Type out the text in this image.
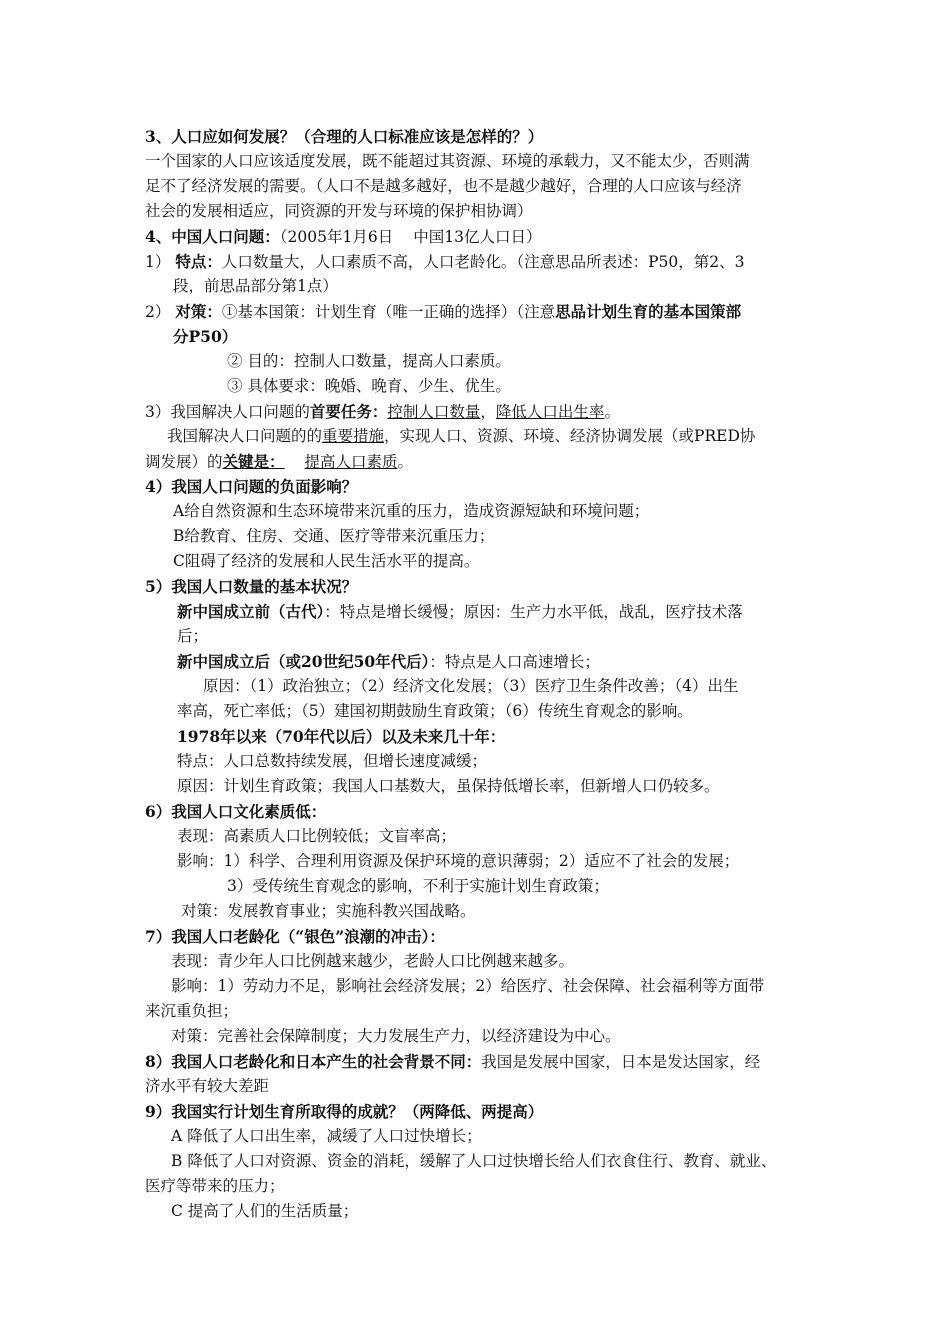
3、人口应如何发展？（合理的人口标准应该是怎样的？）
一个国家的人口应该适度发展，既不能超过其资源、环境的承载力，又不能太少，否则满
足不了经济发展的需要。（人口不是越多越好，也不是越少越好，合理的人口应该与经济
社会的发展相适应，同资源的开发与环境的保护相协调）
4、中国人口问题：（2005年1月6日 中国13亿人口日）
1） 特点：人口数量大，人口素质不高，人口老龄化。（注意思品所表述：P50，第2、3
段，前思品部分第1点）
2） 对策：①基本国策：计划生育（唯一正确的选择）（注意思品计划生育的基本国策部
分P50）
② 目的：控制人口数量，提高人口素质。
③ 具体要求：晚婚、晚育、少生、优生。
3）我国解决人口问题的首要任务：控制人口数量，降低人口出生率。
我国解决人口问题的的重要措施，实现人口、资源、环境、经济协调发展（或PRED协
调发展）的关键是： 提高人口素质。
4）我国人口问题的负面影响？
A给自然资源和生态环境带来沉重的压力，造成资源短缺和环境问题；
B给教育、住房、交通、医疗等带来沉重压力；
C阻碍了经济的发展和人民生活水平的提高。
5）我国人口数量的基本状况？
新中国成立前（古代）：特点是增长缓慢；原因：生产力水平低，战乱，医疗技术落
后；
新中国成立后（或20世纪50年代后）：特点是人口高速增长；
原因：（1）政治独立；（2）经济文化发展；（3）医疗卫生条件改善；（4）出生
率高，死亡率低；（5）建国初期鼓励生育政策；（6）传统生育观念的影响。
1978年以来（70年代以后）以及未来几十年：
特点：人口总数持续发展，但增长速度减缓；
原因：计划生育政策；我国人口基数大，虽保持低增长率，但新增人口仍较多。
6）我国人口文化素质低：
表现：高素质人口比例较低；文盲率高；
影响：1）科学、合理利用资源及保护环境的意识薄弱；2）适应不了社会的发展；
3）受传统生育观念的影响，不利于实施计划生育政策；
对策：发展教育事业；实施科教兴国战略。
7）我国人口老龄化（“银色”浪潮的冲击）：
表现：青少年人口比例越来越少，老龄人口比例越来越多。
影响：1）劳动力不足，影响社会经济发展；2）给医疗、社会保障、社会福利等方面带
来沉重负担；
对策：完善社会保障制度；大力发展生产力，以经济建设为中心。
8）我国人口老龄化和日本产生的社会背景不同：我国是发展中国家，日本是发达国家，经
济水平有较大差距
9）我国实行计划生育所取得的成就？（两降低、两提高）
A 降低了人口出生率，减缓了人口过快增长；
B 降低了人口对资源、资金的消耗，缓解了人口过快增长给人们衣食住行、教育、就业、
医疗等带来的压力；
C 提高了人们的生活质量；
